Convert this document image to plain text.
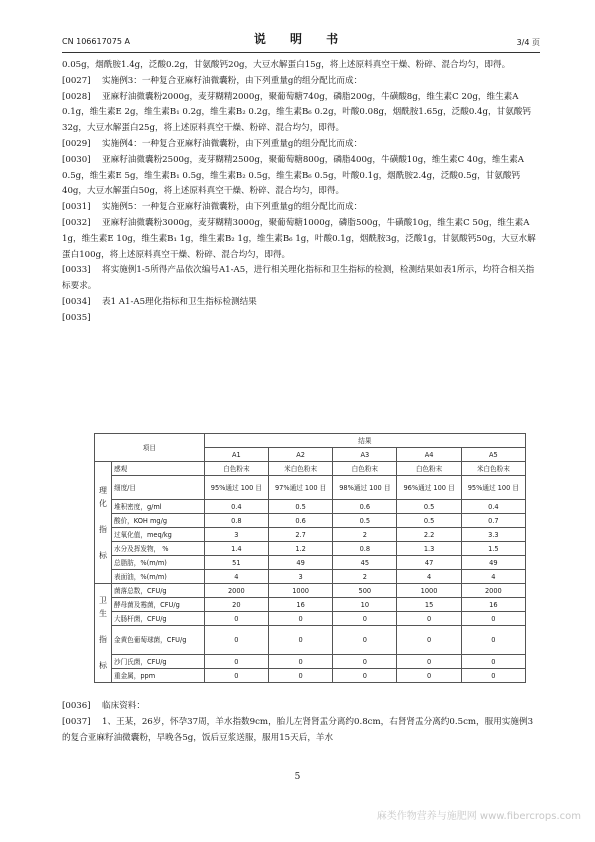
CN 106617075 A	说 明 书	3/4 页

0.05g，烟酰胺1.4g，泛酸0.2g，甘氨酸钙20g，大豆水解蛋白15g，将上述原料真空干燥、粉碎、混合均匀，即得。

[0027] 实施例3：一种复合亚麻籽油微囊粉，由下列重量g的组分配比而成：

[0028] 亚麻籽油微囊粉2000g，麦芽糊精2000g，聚葡萄糖740g，磷脂200g，牛磺酸8g，维生素C 20g，维生素A 0.1g，维生素E 2g，维生素B₁ 0.2g，维生素B₂ 0.2g，维生素B₆ 0.2g，叶酸0.08g，烟酰胺1.65g，泛酸0.4g，甘氨酸钙32g，大豆水解蛋白25g，将上述原料真空干燥、粉碎、混合均匀，即得。

[0029] 实施例4：一种复合亚麻籽油微囊粉，由下列重量g的组分配比而成：

[0030] 亚麻籽油微囊粉2500g，麦芽糊精2500g，聚葡萄糖800g，磷脂400g，牛磺酸10g，维生素C 40g，维生素A 0.5g，维生素E 5g，维生素B₁ 0.5g，维生素B₂ 0.5g，维生素B₆ 0.5g，叶酸0.1g，烟酰胺2.4g，泛酸0.5g，甘氨酸钙40g，大豆水解蛋白50g，将上述原料真空干燥、粉碎、混合均匀，即得。

[0031] 实施例5：一种复合亚麻籽油微囊粉，由下列重量g的组分配比而成：

[0032] 亚麻籽油微囊粉3000g，麦芽糊精3000g，聚葡萄糖1000g，磷脂500g，牛磺酸10g，维生素C 50g，维生素A 1g，维生素E 10g，维生素B₁ 1g，维生素B₂ 1g，维生素B₆ 1g，叶酸0.1g，烟酰胺3g，泛酸1g，甘氨酸钙50g，大豆水解蛋白100g，将上述原料真空干燥、粉碎、混合均匀，即得。

[0033] 将实施例1-5所得产品依次编号A1-A5，进行相关理化指标和卫生指标的检测，检测结果如表1所示，均符合相关指标要求。

[0034] 表1 A1-A5理化指标和卫生指标检测结果

[0035]

项目		结果				
		A1	A2	A3	A4	A5
理
化

指

标	感观	白色粉末	米白色粉末	白色粉末	白色粉末	米白色粉末
	细度/目	95%通过 100 目	97%通过 100 目	98%通过 100 目	96%通过 100 目	95%通过 100 目
	堆积密度，g/ml	0.4	0.5	0.6	0.5	0.4
	酸价，KOH mg/g	0.8	0.6	0.5	0.5	0.7
	过氧化值，meq/kg	3	2.7	2	2.2	3.3
	水分及挥发物， %	1.4	1.2	0.8	1.3	1.5
	总脂肪，%(m/m)	51	49	45	47	49
	表面油，%(m/m)	4	3	2	4	4
卫
生

指

标	菌落总数，CFU/g	2000	1000	500	1000	2000
	酵母菌及霉菌，CFU/g	20	16	10	15	16
	大肠杆菌，CFU/g	0	0	0	0	0
	金黄色葡萄球菌，CFU/g	0	0	0	0	0
	沙门氏菌，CFU/g	0	0	0	0	0
	重金属，ppm	0	0	0	0	0

[0036] 临床资料：

[0037] 1、王某，26岁，怀孕37周，羊水指数9cm，胎儿左肾肾盂分离约0.8cm，右肾肾盂分离约0.5cm，服用实施例3的复合亚麻籽油微囊粉，早晚各5g，饭后豆浆送服，服用15天后，羊水

5
麻类作物营养与施肥网 www.fibercrops.com
